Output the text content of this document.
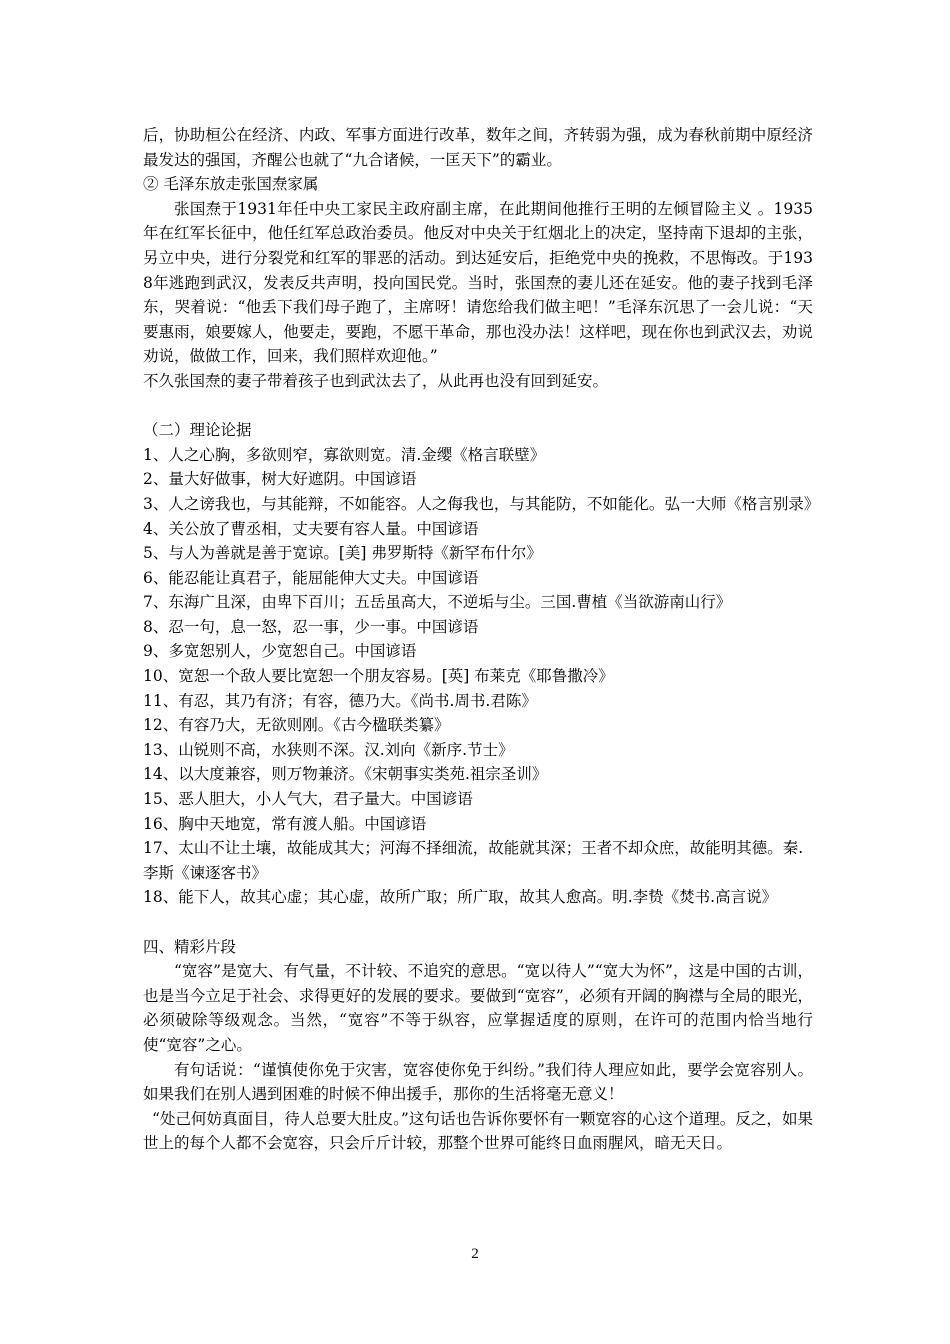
后，协助桓公在经济、内政、军事方面进行改革，数年之间，齐转弱为强，成为春秋前期中原经济最发达的强国，齐醒公也就了“九合诸候，一匡天下”的霸业。

② 毛泽东放走张国焘家属

张国焘于1931年任中央工家民主政府副主席，在此期间他推行王明的左倾冒险主义 。1935年在红军长征中，他任红军总政治委员。他反对中央关于红烟北上的决定，坚持南下退却的主张，另立中央，进行分裂党和红军的罪恶的活动。到达延安后，拒绝党中央的挽救，不思悔改。于1938年逃跑到武汉，发表反共声明，投向国民党。当时，张国焘的妻儿还在延安。他的妻子找到毛泽东，哭着说：“他丢下我们母子跑了，主席呀！请您给我们做主吧！”毛泽东沉思了一会儿说：“天要惠雨，娘要嫁人，他要走，要跑，不愿干革命，那也没办法！这样吧，现在你也到武汉去，劝说劝说，做做工作，回来，我们照样欢迎他。”

不久张国焘的妻子带着孩子也到武汰去了，从此再也没有回到延安。

（二）理论论据

1、人之心胸，多欲则窄，寡欲则宽。清.金缨《格言联壁》

2、量大好做事，树大好遮阴。中国谚语

3、人之谤我也，与其能辩，不如能容。人之侮我也，与其能防，不如能化。弘一大师《格言别录》

4、关公放了曹丞相，丈夫要有容人量。中国谚语

5、与人为善就是善于宽谅。[美] 弗罗斯特《新罕布什尔》

6、能忍能让真君子，能屈能伸大丈夫。中国谚语

7、东海广且深，由卑下百川；五岳虽高大，不逆垢与尘。三国.曹植《当欲游南山行》

8、忍一句，息一怒，忍一事，少一事。中国谚语

9、多宽恕别人，少宽恕自己。中国谚语

10、宽恕一个敌人要比宽恕一个朋友容易。[英] 布莱克《耶鲁撒冷》

11、有忍，其乃有济；有容，德乃大。《尚书.周书.君陈》

12、有容乃大，无欲则刚。《古今楹联类纂》

13、山锐则不高，水狭则不深。汉.刘向《新序.节士》

14、以大度兼容，则万物兼济。《宋朝事实类苑.祖宗圣训》

15、恶人胆大，小人气大，君子量大。中国谚语

16、胸中天地宽，常有渡人船。中国谚语

17、太山不让土壤，故能成其大；河海不择细流，故能就其深；王者不却众庶，故能明其德。秦.李斯《谏逐客书》

18、能下人，故其心虚；其心虚，故所广取；所广取，故其人愈高。明.李贽《焚书.高言说》

四、精彩片段

“宽容”是宽大、有气量，不计较、不追究的意思。“宽以待人”“宽大为怀”，这是中国的古训，也是当今立足于社会、求得更好的发展的要求。要做到“宽容”，必须有开阔的胸襟与全局的眼光，必须破除等级观念。当然，“宽容”不等于纵容，应掌握适度的原则，在许可的范围内恰当地行使“宽容”之心。

有句话说：“谨慎使你免于灾害，宽容使你免于纠纷。”我们待人理应如此，要学会宽容别人。如果我们在别人遇到困难的时候不伸出援手，那你的生活将毫无意义！

“处己何妨真面目，待人总要大肚皮。”这句话也告诉你要怀有一颗宽容的心这个道理。反之，如果世上的每个人都不会宽容，只会斤斤计较，那整个世界可能终日血雨腥风，暗无天日。

2
